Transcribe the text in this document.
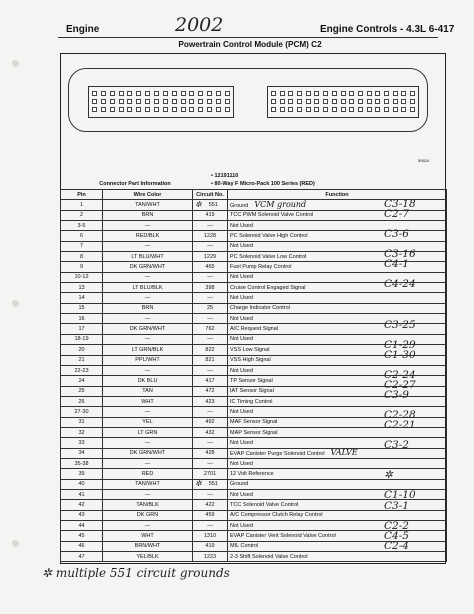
Engine	2002	Engine Controls - 4.3L 6-417
Powertrain Control Module (PCM) C2
50624
• 12191110
• 80-Way F Micro-Pack 100 Series (RED)
Connector Part Information
Pin	Wire Color	Circuit No.	Function
1	TAN/WHT	✲ 551	Ground VCM ground
2	BRN	419	TCC PWM Solenoid Valve Control
3-5	—	—	Not Used
6	RED/BLK	1228	PC Solenoid Valve High Control
7	—	—	Not Used
8	LT BLU/WHT	1229	PC Solenoid Valve Low Control
9	DK GRN/WHT	465	Fuel Pump Relay Control
10-12	—	—	Not Used
13	LT BLU/BLK	398	Cruise Control Engaged Signal
14	—	—	Not Used
15	BRN	25	Charge Indicator Control
16	—	—	Not Used
17	DK GRN/WHT	762	A/C Request Signal
18-19	—	—	Not Used
20	LT GRN/BLK	822	VSS Low Signal
21	PPL/WHT	821	VSS High Signal
22-23	—	—	Not Used
24	DK BLU	417	TP Sensor Signal
25	TAN	472	IAT Sensor Signal
26	WHT	423	IC Timing Control
27-30	—	—	Not Used
31	YEL	492	MAF Sensor Signal
32	LT GRN	432	MAP Sensor Signal
33	—	—	Not Used
34	DK GRN/WHT	428	EVAP Canister Purge Solenoid Control VALVE
35-38	—	—	Not Used
39	RED	2701	12 Volt Reference
40	TAN/WHT	✲ 551	Ground
41	—	—	Not Used
42	TAN/BLK	422	TCC Solenoid Valve Control
43	DK GRN	459	A/C Compressor Clutch Relay Control
44	—	—	Not Used
45	WHT	1310	EVAP Canister Vent Solenoid Valve Control
46	BRN/WHT	419	MIL Control
47	YEL/BLK	1223	2-3 Shift Solenoid Valve Control
C3-18
C2-7
C3-6
C3-16
C4-1
C4-24
C3-25
C1-29
C1-30
C2-24
C2-27
C3-9
C2-28
C2-21
C3-2
✲
C1-10
C3-1
C2-2
C4-5
C2-4
✲ multiple 551 circuit grounds
